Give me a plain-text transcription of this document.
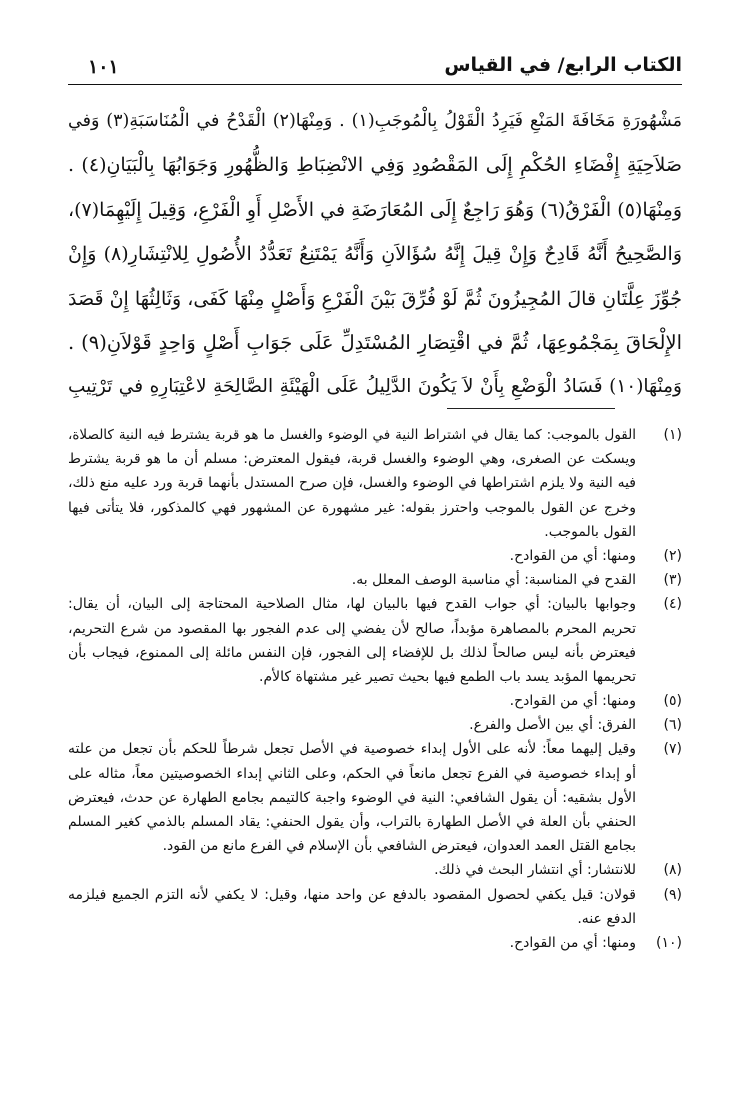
١٠١	الكتاب الرابع/ في القياس
مَشْهُورَةِ مَخَافَةَ المَنْعِ فَيَرِدُ الْقَوْلُ بِالْمُوجَبِ(١) . وَمِنْهَا(٢) الْقَدْحُ في الْمُنَاسَبَةِ(٣) وَفي
صَلاَحِيَةِ إِفْضَاءِ الحُكْمِ إِلَى المَقْصُودِ وَفِي الانْضِبَاطِ وَالظُّهُورِ وَجَوَابُهَا بِالْبَيَانِ(٤) .
وَمِنْهَا(٥) الْفَرْقُ(٦) وَهُوَ رَاجِعٌ إِلَى المُعَارَضَةِ في الأَصْلِ أَوِ الْفَرْعِ، وَقِيلَ إِلَيْهِمَا(٧)،
وَالصَّحِيحُ أَنَّهُ قَادِحٌ وَإِنْ قِيلَ إِنَّهُ سُؤَالاَنِ وَأَنَّهُ يَمْتَنِعُ تَعَدُّدُ الأُصُولِ لِلانْتِشَارِ(٨) وَإِنْ
جُوِّزَ عِلَّتَانِ قالَ المُجِيزُونَ ثُمَّ لَوْ فُرِّقَ بَيْنَ الْفَرْعِ وَأَصْلٍ مِنْهَا كَفَى، وَثَالِثُهَا إِنْ قَصَدَ
الإِلْحَاقَ بِمَجْمُوعِهَا، ثُمَّ في اقْتِصَارِ المُسْتَدِلِّ عَلَى جَوَابِ أَصْلٍ وَاحِدٍ قَوْلاَنِ(٩) .
وَمِنْهَا(١٠) فَسَادُ الْوَضْعِ بِأَنْ لاَ يَكُونَ الدَّلِيلُ عَلَى الْهَيْئَةِ الصَّالِحَةِ لاعْتِبَارِهِ في تَرْتِيبِ
(١)
القول بالموجب: كما يقال في اشتراط النية في الوضوء والغسل ما هو قربة يشترط فيه النية كالصلاة،
ويسكت عن الصغرى، وهي الوضوء والغسل قربة، فيقول المعترض: مسلم أن ما هو قربة يشترط
فيه النية ولا يلزم اشتراطها في الوضوء والغسل، فإن صرح المستدل بأنهما قربة ورد عليه منع ذلك،
وخرج عن القول بالموجب واحترز بقوله: غير مشهورة عن المشهور فهي كالمذكور، فلا يتأتى فيها
القول بالموجب.
(٢)
ومنها: أي من القوادح.
(٣)
القدح في المناسبة: أي مناسبة الوصف المعلل به.
(٤)
وجوابها بالبيان: أي جواب القدح فيها بالبيان لها، مثال الصلاحية المحتاجة إلى البيان، أن يقال:
تحريم المحرم بالمصاهرة مؤبداً، صالح لأن يفضي إلى عدم الفجور بها المقصود من شرع التحريم،
فيعترض بأنه ليس صالحاً لذلك بل للإفضاء إلى الفجور، فإن النفس مائلة إلى الممنوع، فيجاب بأن
تحريمها المؤبد يسد باب الطمع فيها بحيث تصير غير مشتهاة كالأم.
(٥)
ومنها: أي من القوادح.
(٦)
الفرق: أي بين الأصل والفرع.
(٧)
وقيل إليهما معاً: لأنه على الأول إبداء خصوصية في الأصل تجعل شرطاً للحكم بأن تجعل من علته
أو إبداء خصوصية في الفرع تجعل مانعاً في الحكم، وعلى الثاني إبداء الخصوصيتين معاً، مثاله على
الأول بشقيه: أن يقول الشافعي: النية في الوضوء واجبة كالتيمم بجامع الطهارة عن حدث، فيعترض
الحنفي بأن العلة في الأصل الطهارة بالتراب، وأن يقول الحنفي: يقاد المسلم بالذمي كغير المسلم
بجامع القتل العمد العدوان، فيعترض الشافعي بأن الإسلام في الفرع مانع من القود.
(٨)
للانتشار: أي انتشار البحث في ذلك.
(٩)
قولان: قيل يكفي لحصول المقصود بالدفع عن واحد منها، وقيل: لا يكفي لأنه التزم الجميع فيلزمه
الدفع عنه.
(١٠)
ومنها: أي من القوادح.
